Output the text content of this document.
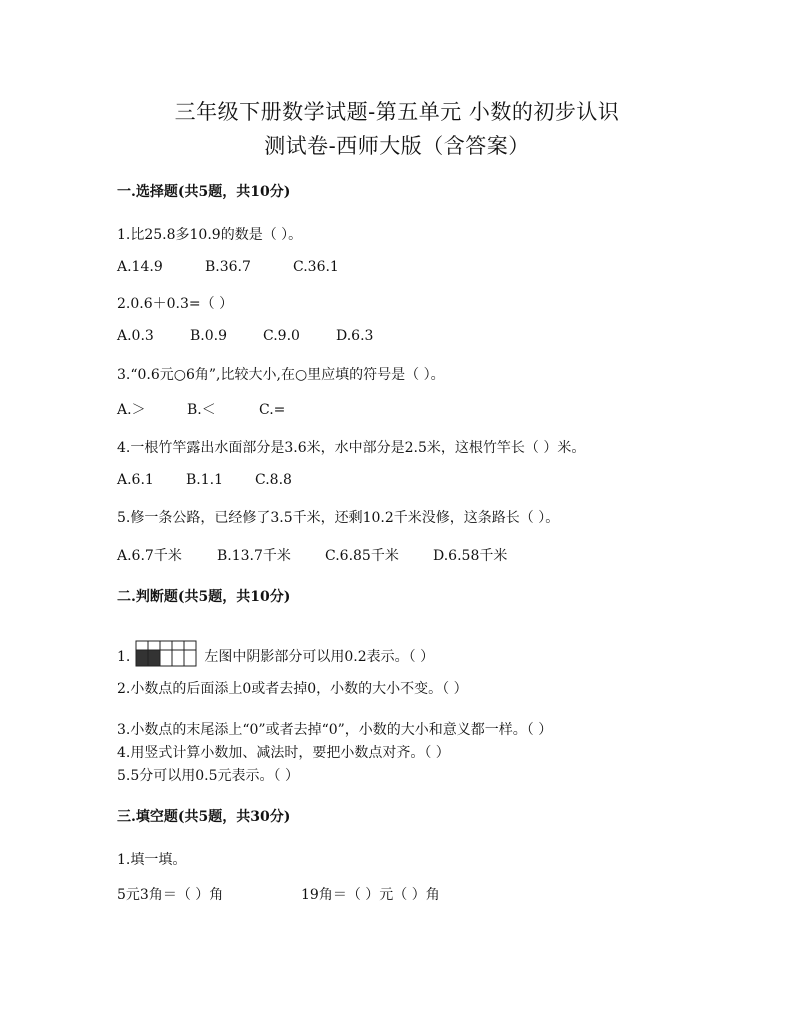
三年级下册数学试题-第五单元 小数的初步认识
测试卷-西师大版（含答案）
一.选择题(共5题，共10分)
1.比25.8多10.9的数是（ ）。
A.14.9	B.36.7	C.36.1
2.0.6＋0.3=（ ）
A.0.3	B.0.9	C.9.0	D.6.3
3.“0.6元○6角”,比较大小,在○里应填的符号是（ ）。
A.＞	B.＜	C.=
4.一根竹竿露出水面部分是3.6米，水中部分是2.5米，这根竹竿长（ ）米。
A.6.1 B.1.1 C.8.8
5.修一条公路，已经修了3.5千米，还剩10.2千米没修，这条路长（ ）。
A.6.7千米	B.13.7千米 C.6.85千米 D.6.58千米
二.判断题(共5题，共10分)
1.	左图中阴影部分可以用0.2表示。（ ）
2.小数点的后面添上0或者去掉0，小数的大小不变。（ ）
3.小数点的末尾添上“0”或者去掉“0”，小数的大小和意义都一样。（ ）
4.用竖式计算小数加、减法时，要把小数点对齐。（ ）
5.5分可以用0.5元表示。（ ）
三.填空题(共5题，共30分)
1.填一填。
5元3角＝（ ）角	19角＝（ ）元（ ）角
